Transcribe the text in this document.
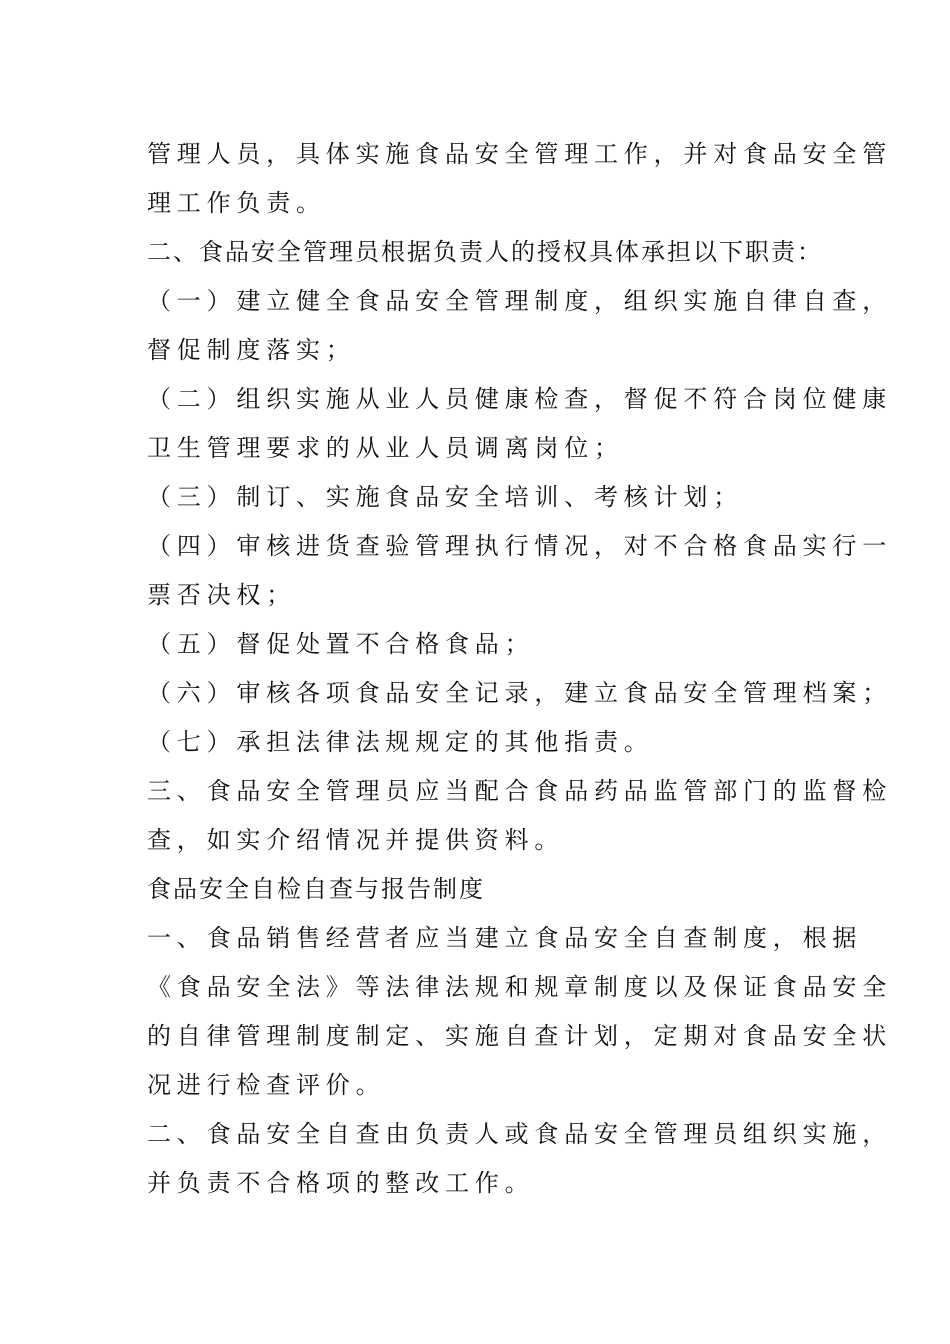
管理人员，具体实施食品安全管理工作，并对食品安全管
理工作负责。
二、食品安全管理员根据负责人的授权具体承担以下职责：
（一）建立健全食品安全管理制度，组织实施自律自查，
督促制度落实；
（二）组织实施从业人员健康检查，督促不符合岗位健康
卫生管理要求的从业人员调离岗位；
（三）制订、实施食品安全培训、考核计划；
（四）审核进货查验管理执行情况，对不合格食品实行一
票否决权；
（五）督促处置不合格食品；
（六）审核各项食品安全记录，建立食品安全管理档案；
（七）承担法律法规规定的其他指责。
三、食品安全管理员应当配合食品药品监管部门的监督检
查，如实介绍情况并提供资料。
食品安全自检自查与报告制度
一、食品销售经营者应当建立食品安全自查制度，根据
《食品安全法》等法律法规和规章制度以及保证食品安全
的自律管理制度制定、实施自查计划，定期对食品安全状
况进行检查评价。
二、食品安全自查由负责人或食品安全管理员组织实施，
并负责不合格项的整改工作。
